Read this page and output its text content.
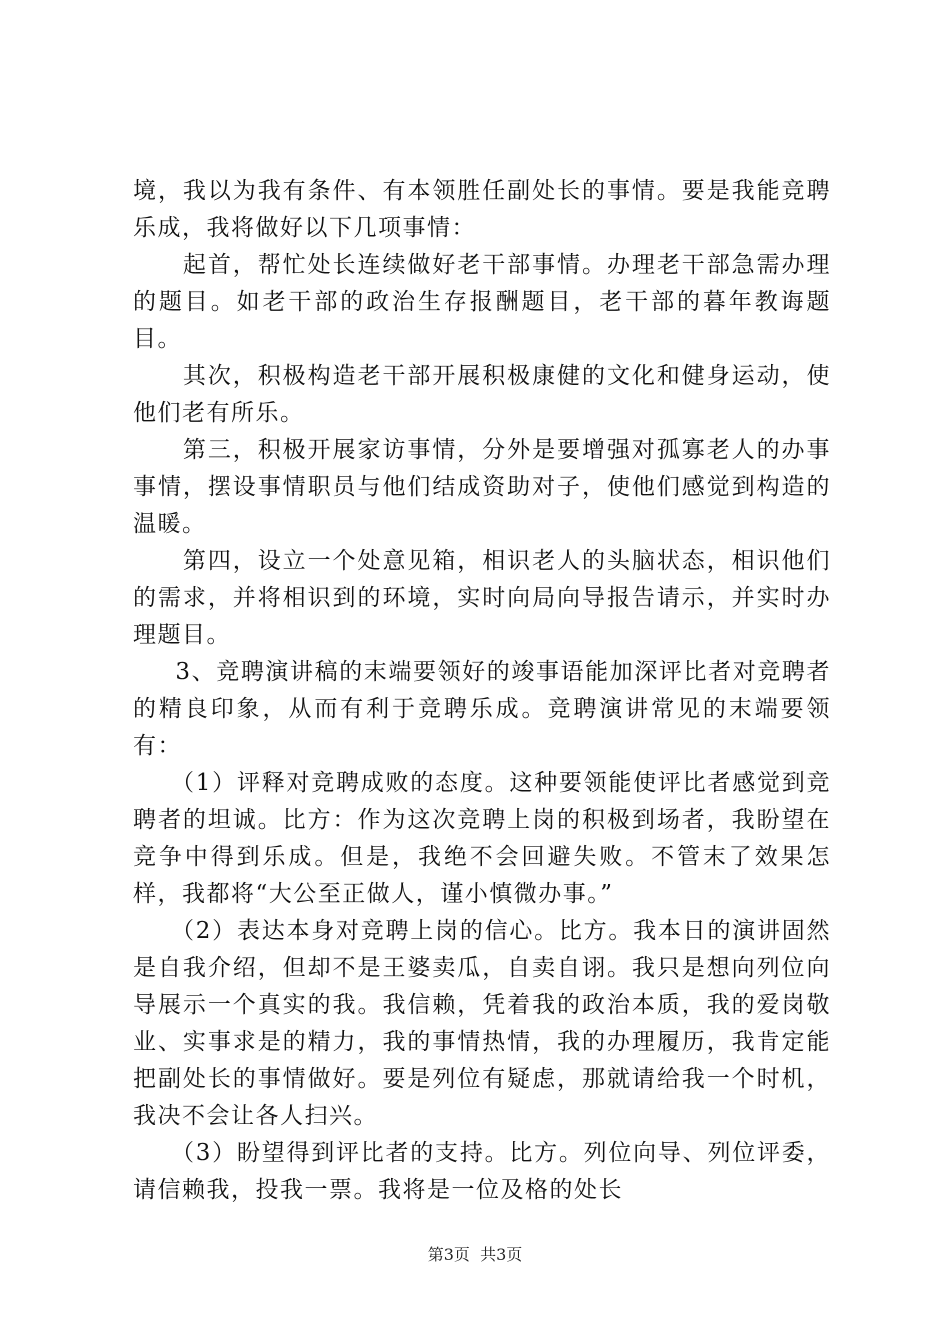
境，我以为我有条件、有本领胜任副处长的事情。要是我能竞聘乐成，我将做好以下几项事情：

　　起首，帮忙处长连续做好老干部事情。办理老干部急需办理的题目。如老干部的政治生存报酬题目，老干部的暮年教诲题目。

　　其次，积极构造老干部开展积极康健的文化和健身运动，使他们老有所乐。

　　第三，积极开展家访事情，分外是要增强对孤寡老人的办事事情，摆设事情职员与他们结成资助对子，使他们感觉到构造的温暖。

　　第四，设立一个处意见箱，相识老人的头脑状态，相识他们的需求，并将相识到的环境，实时向局向导报告请示，并实时办理题目。

　  3、竞聘演讲稿的末端要领好的竣事语能加深评比者对竞聘者的精良印象，从而有利于竞聘乐成。竞聘演讲常见的末端要领有：

　　（1）评释对竞聘成败的态度。这种要领能使评比者感觉到竞聘者的坦诚。比方：作为这次竞聘上岗的积极到场者，我盼望在竞争中得到乐成。但是，我绝不会回避失败。不管末了效果怎样，我都将“大公至正做人，谨小慎微办事。”

　　（2）表达本身对竞聘上岗的信心。比方。我本日的演讲固然是自我介绍，但却不是王婆卖瓜，自卖自诩。我只是想向列位向导展示一个真实的我。我信赖，凭着我的政治本质，我的爱岗敬业、实事求是的精力，我的事情热情，我的办理履历，我肯定能把副处长的事情做好。要是列位有疑虑，那就请给我一个时机，我决不会让各人扫兴。

　　（3）盼望得到评比者的支持。比方。列位向导、列位评委，请信赖我，投我一票。我将是一位及格的处长

第3页  共3页
